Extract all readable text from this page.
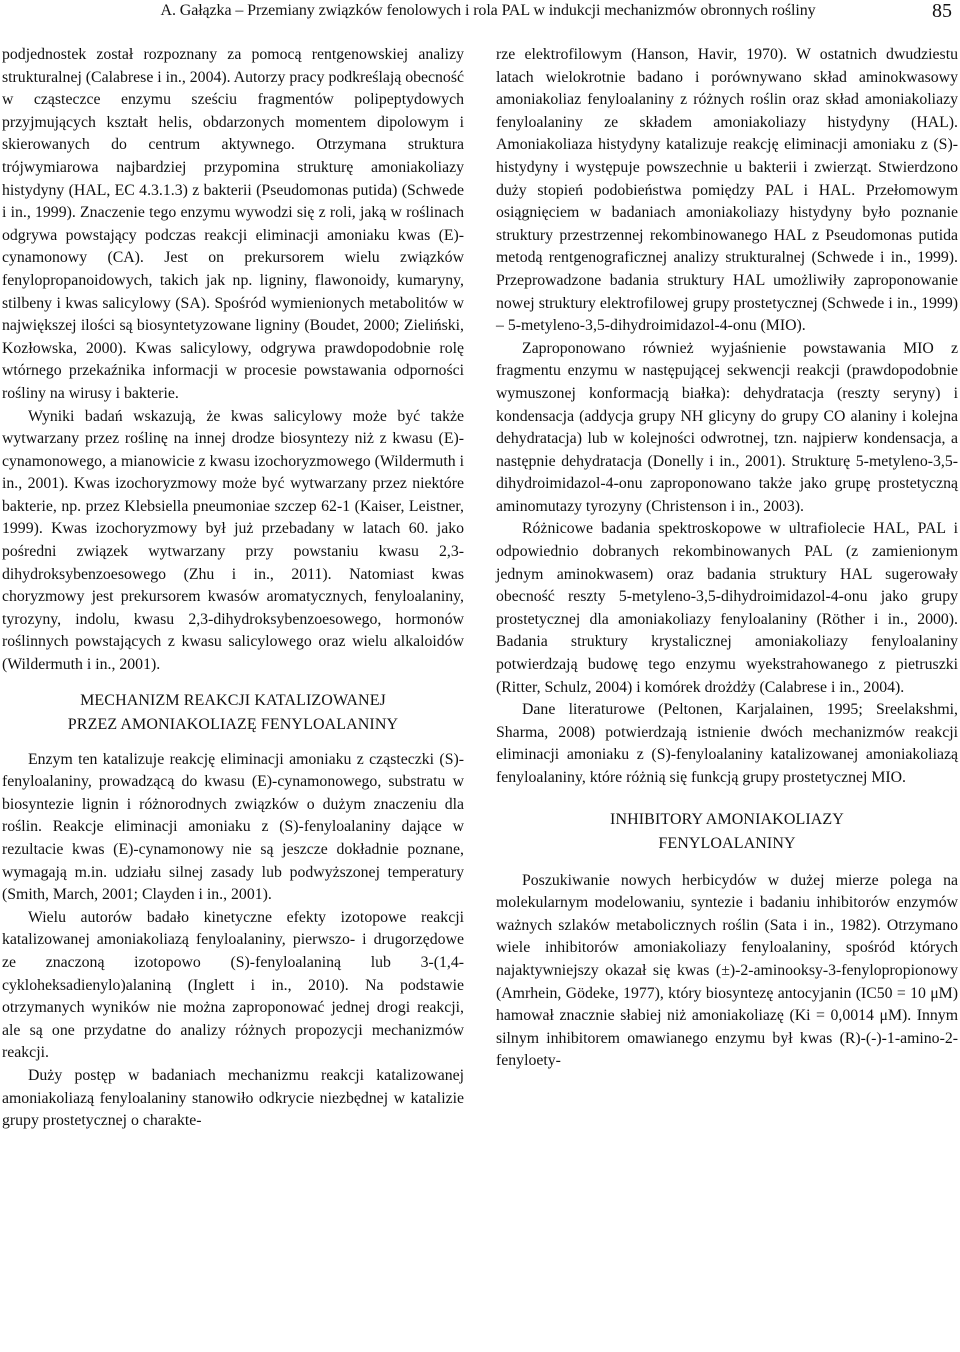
A. Gałązka – Przemiany związków fenolowych i rola PAL w indukcji mechanizmów obronnych rośliny	85

podjednostek został rozpoznany za pomocą rentgenowskiej analizy strukturalnej (Calabrese i in., 2004). Autorzy pracy podkreślają obecność w cząsteczce enzymu sześciu fragmentów polipeptydowych przyjmujących kształt helis, obdarzonych momentem dipolowym i skierowanych do centrum aktywnego. Otrzymana struktura trójwymiarowa najbardziej przypomina strukturę amoniakoliazy histydyny (HAL, EC 4.3.1.3) z bakterii (Pseudomonas putida) (Schwede i in., 1999). Znaczenie tego enzymu wywodzi się z roli, jaką w roślinach odgrywa powstający podczas reakcji eliminacji amoniaku kwas (E)-cynamonowy (CA). Jest on prekursorem wielu związków fenylopropanoidowych, takich jak np. ligniny, flawonoidy, kumaryny, stilbeny i kwas salicylowy (SA). Spośród wymienionych metabolitów w największej ilości są biosyntetyzowane ligniny (Boudet, 2000; Zieliński, Kozłowska, 2000). Kwas salicylowy, odgrywa prawdopodobnie rolę wtórnego przekaźnika informacji w procesie powstawania odporności rośliny na wirusy i bakterie.

Wyniki badań wskazują, że kwas salicylowy może być także wytwarzany przez roślinę na innej drodze biosyntezy niż z kwasu (E)-cynamonowego, a mianowicie z kwasu izochoryzmowego (Wildermuth i in., 2001). Kwas izochoryzmowy może być wytwarzany przez niektóre bakterie, np. przez Klebsiella pneumoniae szczep 62-1 (Kaiser, Leistner, 1999). Kwas izochoryzmowy był już przebadany w latach 60. jako pośredni związek wytwarzany przy powstaniu kwasu 2,3-dihydroksybenzoesowego (Zhu i in., 2011). Natomiast kwas choryzmowy jest prekursorem kwasów aromatycznych, fenyloalaniny, tyrozyny, indolu, kwasu 2,3-dihydroksybenzoesowego, hormonów roślinnych powstających z kwasu salicylowego oraz wielu alkaloidów (Wildermuth i in., 2001).

MECHANIZM REAKCJI KATALIZOWANEJ
PRZEZ AMONIAKOLIAZĘ FENYLOALANINY

Enzym ten katalizuje reakcję eliminacji amoniaku z cząsteczki (S)-fenyloalaniny, prowadzącą do kwasu (E)-cynamonowego, substratu w biosyntezie lignin i różnorodnych związków o dużym znaczeniu dla roślin. Reakcje eliminacji amoniaku z (S)-fenyloalaniny dające w rezultacie kwas (E)-cynamonowy nie są jeszcze dokładnie poznane, wymagają m.in. udziału silnej zasady lub podwyższonej temperatury (Smith, March, 2001; Clayden i in., 2001).

Wielu autorów badało kinetyczne efekty izotopowe reakcji katalizowanej amoniakoliazą fenyloalaniny, pierwszo- i drugorzędowe ze znaczoną izotopowo (S)-fenyloalaniną lub 3-(1,4-cykloheksadienylo)alaniną (Inglett i in., 2010). Na podstawie otrzymanych wyników nie można zaproponować jednej drogi reakcji, ale są one przydatne do analizy różnych propozycji mechanizmów reakcji.

Duży postęp w badaniach mechanizmu reakcji katalizowanej amoniakoliazą fenyloalaniny stanowiło odkrycie niezbędnej w katalizie grupy prostetycznej o charakte-

rze elektrofilowym (Hanson, Havir, 1970). W ostatnich dwudziestu latach wielokrotnie badano i porównywano skład aminokwasowy amoniakoliaz fenyloalaniny z różnych roślin oraz skład amoniakoliazy fenyloalaniny ze składem amoniakoliazy histydyny (HAL). Amoniakoliaza histydyny katalizuje reakcję eliminacji amoniaku z (S)-histydyny i występuje powszechnie u bakterii i zwierząt. Stwierdzono duży stopień podobieństwa pomiędzy PAL i HAL. Przełomowym osiągnięciem w badaniach amoniakoliazy histydyny było poznanie struktury przestrzennej rekombinowanego HAL z Pseudomonas putida metodą rentgenograficznej analizy strukturalnej (Schwede i in., 1999). Przeprowadzone badania struktury HAL umożliwiły zaproponowanie nowej struktury elektrofilowej grupy prostetycznej (Schwede i in., 1999) – 5-metyleno-3,5-dihydroimidazol-4-onu (MIO).

Zaproponowano również wyjaśnienie powstawania MIO z fragmentu enzymu w następującej sekwencji reakcji (prawdopodobnie wymuszonej konformacją białka): dehydratacja (reszty seryny) i kondensacja (addycja grupy NH glicyny do grupy CO alaniny i kolejna dehydratacja) lub w kolejności odwrotnej, tzn. najpierw kondensacja, a następnie dehydratacja (Donelly i in., 2001). Strukturę 5-metyleno-3,5-dihydroimidazol-4-onu zaproponowano także jako grupę prostetyczną aminomutazy tyrozyny (Christenson i in., 2003).

Różnicowe badania spektroskopowe w ultrafiolecie HAL, PAL i odpowiednio dobranych rekombinowanych PAL (z zamienionym jednym aminokwasem) oraz badania struktury HAL sugerowały obecność reszty 5-metyleno-3,5-dihydroimidazol-4-onu jako grupy prostetycznej dla amoniakoliazy fenyloalaniny (Röther i in., 2000). Badania struktury krystalicznej amoniakoliazy fenyloalaniny potwierdzają budowę tego enzymu wyekstrahowanego z pietruszki (Ritter, Schulz, 2004) i komórek drożdży (Calabrese i in., 2004).

Dane literaturowe (Peltonen, Karjalainen, 1995; Sreelakshmi, Sharma, 2008) potwierdzają istnienie dwóch mechanizmów reakcji eliminacji amoniaku z (S)-fenyloalaniny katalizowanej amoniakoliazą fenyloalaniny, które różnią się funkcją grupy prostetycznej MIO.

INHIBITORY AMONIAKOLIAZY
FENYLOALANINY

Poszukiwanie nowych herbicydów w dużej mierze polega na molekularnym modelowaniu, syntezie i badaniu inhibitorów enzymów ważnych szlaków metabolicznych roślin (Sata i in., 1982). Otrzymano wiele inhibitorów amoniakoliazy fenyloalaniny, spośród których najaktywniejszy okazał się kwas (±)-2-aminooksy-3-fenylopropionowy (Amrhein, Gödeke, 1977), który biosyntezę antocyjanin (IC50 = 10 μM) hamował znacznie słabiej niż amoniakoliazę (Ki = 0,0014 μM). Innym silnym inhibitorem omawianego enzymu był kwas (R)-(-)-1-amino-2-fenyloety-
